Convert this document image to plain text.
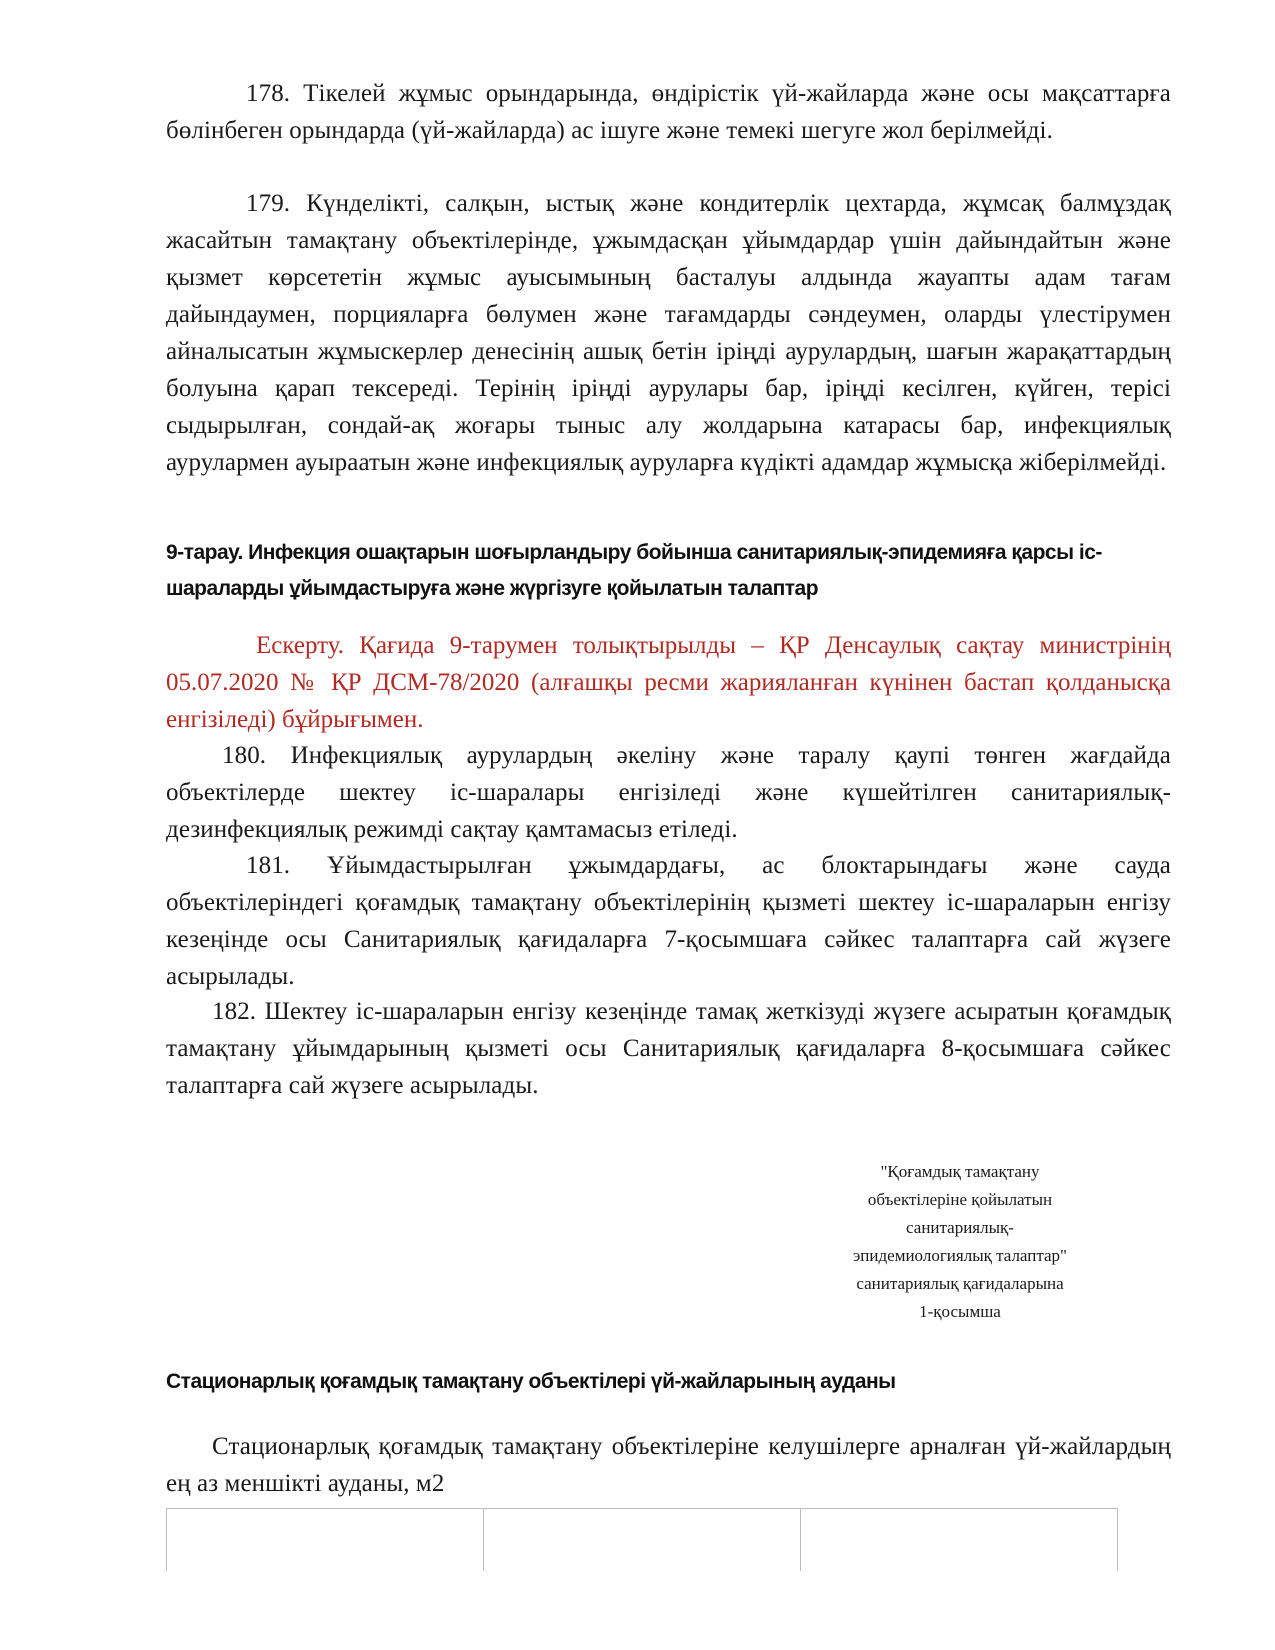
178. Тікелей жұмыс орындарында, өндірістік үй-жайларда және осы мақсаттарға бөлінбеген орындарда (үй-жайларда) ас ішуге және темекі шегуге жол берілмейді.

179. Күнделікті, салқын, ыстық және кондитерлік цехтарда, жұмсақ балмұздақ жасайтын тамақтану объектілерінде, ұжымдасқан ұйымдардар үшін дайындайтын және қызмет көрсететін жұмыс ауысымының басталуы алдында жауапты адам тағам дайындаумен, порцияларға бөлумен және тағамдарды сәндеумен, оларды үлестірумен айналысатын жұмыскерлер денесінің ашық бетін іріңді аурулардың, шағын жарақаттардың болуына қарап тексереді. Терінің іріңді аурулары бар, іріңді кесілген, күйген, терісі сыдырылған, сондай-ақ жоғары тыныс алу жолдарына катарасы бар, инфекциялық аурулармен ауыраатын және инфекциялық ауруларға күдікті адамдар жұмысқа жіберілмейді.

9-тарау. Инфекция ошақтарын шоғырландыру бойынша санитариялық-эпидемияға қарсы іс-шараларды ұйымдастыруға және жүргізуге қойылатын талаптар

Ескерту. Қағида 9-тарумен толықтырылды – ҚР Денсаулық сақтау министрінің 05.07.2020 № ҚР ДСМ-78/2020 (алғашқы ресми жарияланған күнінен бастап қолданысқа енгізіледі) бұйрығымен.

180. Инфекциялық аурулардың әкелiну және таралу қаупі төнген жағдайда объектілерде шектеу іс-шаралары енгізіледі және күшейтілген санитариялық-дезинфекциялық режимді сақтау қамтамасыз етіледі.

181. Ұйымдастырылған ұжымдардағы, ас блоктарындағы және сауда объектілеріндегі қоғамдық тамақтану объектілерінің қызметі шектеу іс-шараларын енгізу кезеңінде осы Санитариялық қағидаларға 7-қосымшаға сәйкес талаптарға сай жүзеге асырылады.

182. Шектеу іс-шараларын енгізу кезеңінде тамақ жеткізуді жүзеге асыратын қоғамдық тамақтану ұйымдарының қызметі осы Санитариялық қағидаларға 8-қосымшаға сәйкес талаптарға сай жүзеге асырылады.

"Қоғамдық тамақтану
объектілеріне қойылатын
санитариялық-
эпидемиологиялық талаптар"
санитариялық қағидаларына
1-қосымша
Стационарлық қоғамдық тамақтану объектілері үй-жайларының ауданы

Стационарлық қоғамдық тамақтану объектілеріне келушілерге арналған үй-жайлардың ең аз меншікті ауданы, м2
